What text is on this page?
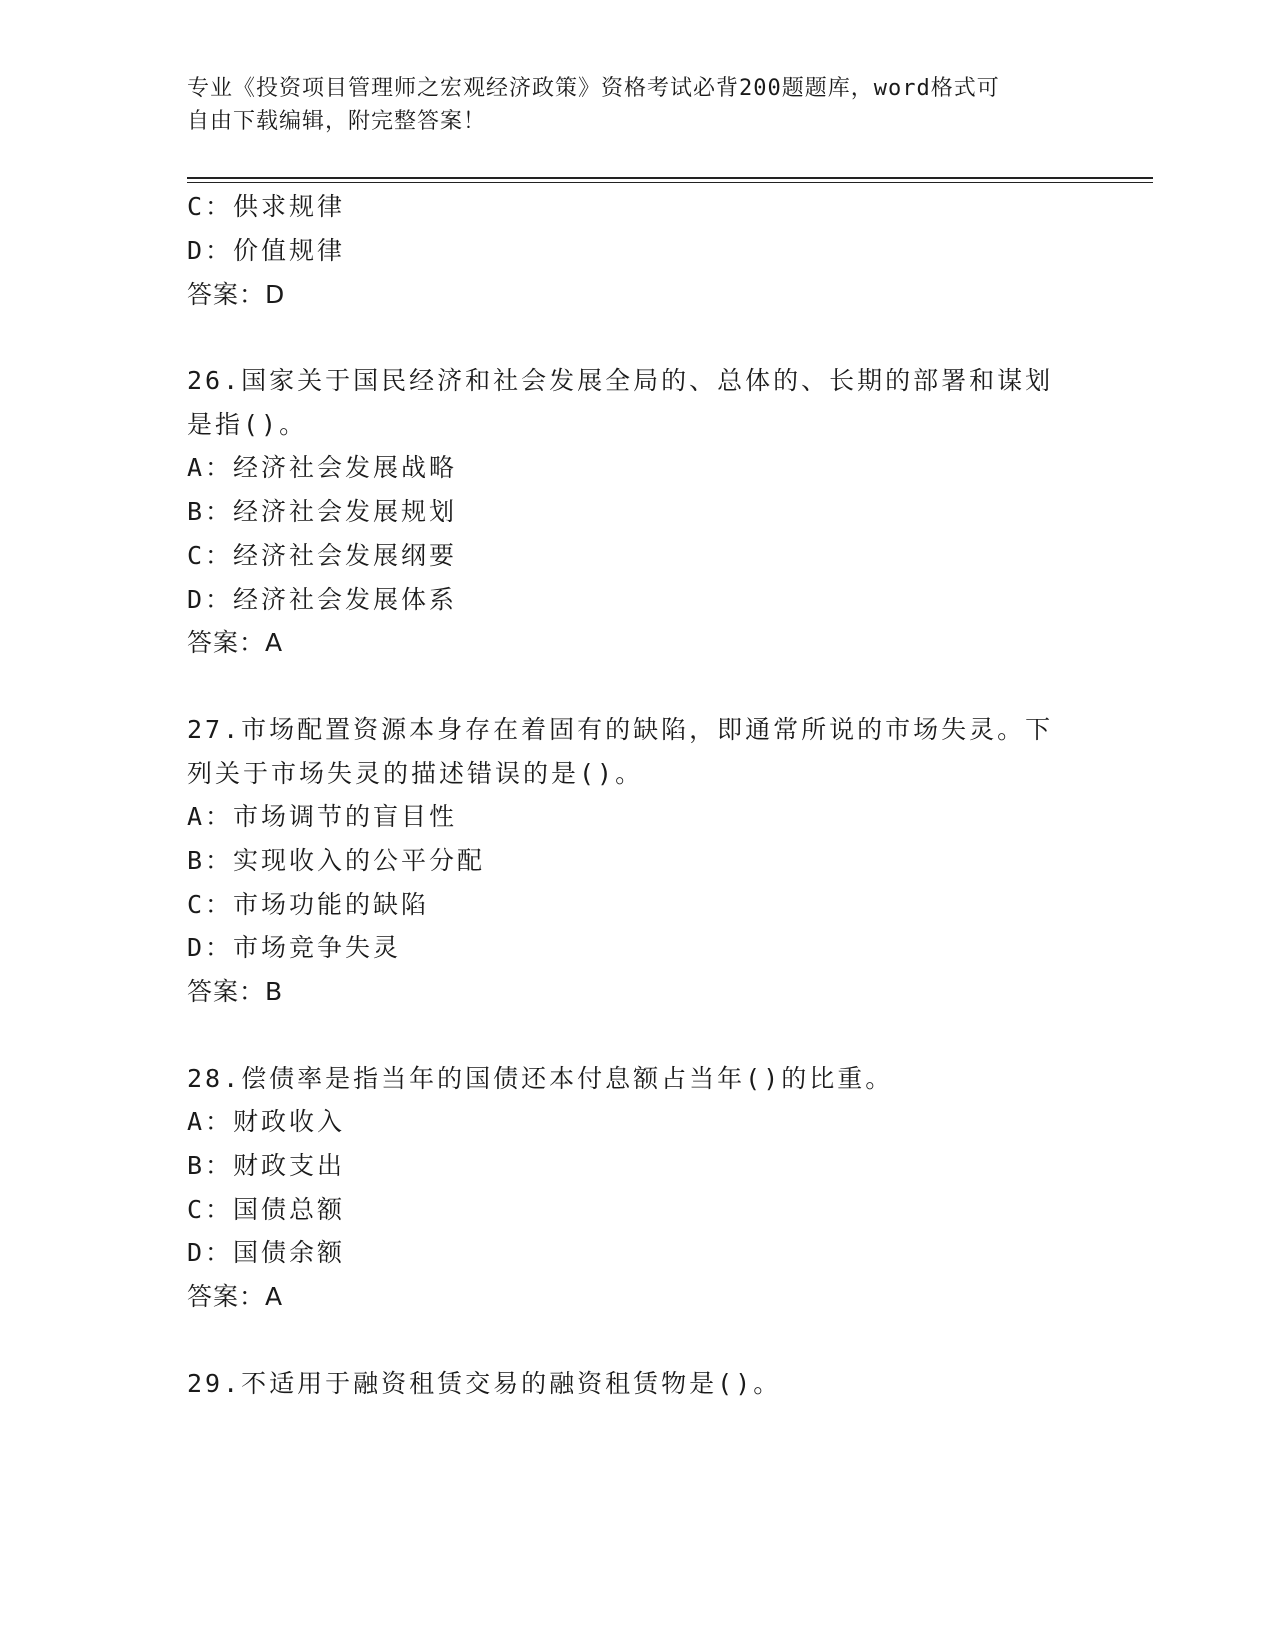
专业《投资项目管理师之宏观经济政策》资格考试必背200题题库，word格式可
自由下载编辑，附完整答案！
C：供求规律
D：价值规律
答案：D
26.国家关于国民经济和社会发展全局的、总体的、长期的部署和谋划
是指()。
A：经济社会发展战略
B：经济社会发展规划
C：经济社会发展纲要
D：经济社会发展体系
答案：A
27.市场配置资源本身存在着固有的缺陷，即通常所说的市场失灵。下
列关于市场失灵的描述错误的是()。
A：市场调节的盲目性
B：实现收入的公平分配
C：市场功能的缺陷
D：市场竞争失灵
答案：B
28.偿债率是指当年的国债还本付息额占当年()的比重。
A：财政收入
B：财政支出
C：国债总额
D：国债余额
答案：A
29.不适用于融资租赁交易的融资租赁物是()。
